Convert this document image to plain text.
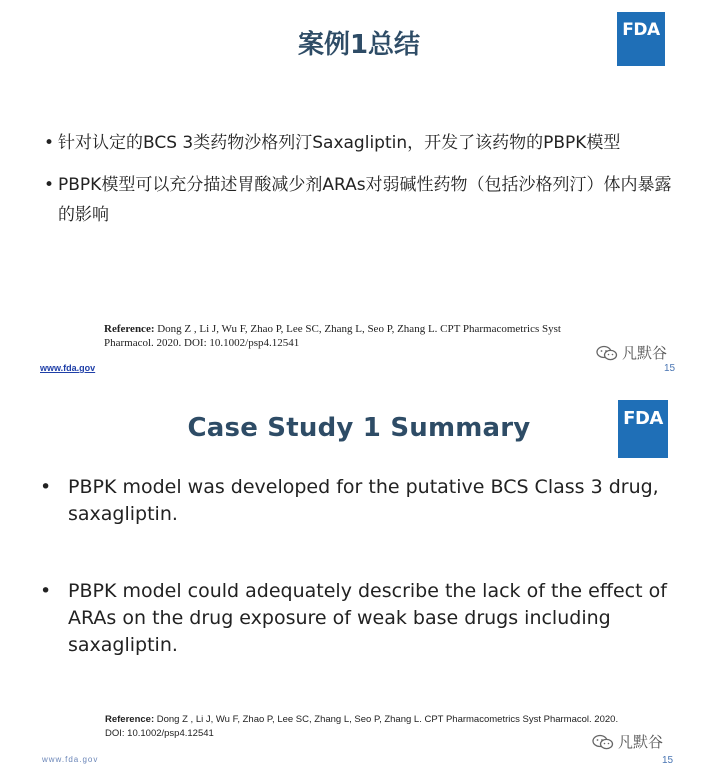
案例1总结	FDA
• 针对认定的BCS 3类药物沙格列汀Saxagliptin，开发了该药物的PBPK模型
• PBPK模型可以充分描述胃酸减少剂ARAs对弱碱性药物（包括沙格列汀）体内暴露的影响
Reference: Dong Z , Li J, Wu F, Zhao P, Lee SC, Zhang L, Seo P, Zhang L. CPT Pharmacometrics Syst Pharmacol. 2020. DOI: 10.1002/psp4.12541
凡默谷
www.fda.gov	15
Case Study 1 Summary	FDA
• PBPK model was developed for the putative BCS Class 3 drug, saxagliptin.
• PBPK model could adequately describe the lack of the effect of ARAs on the drug exposure of weak base drugs including saxagliptin.
Reference: Dong Z , Li J, Wu F, Zhao P, Lee SC, Zhang L, Seo P, Zhang L. CPT Pharmacometrics Syst Pharmacol. 2020. DOI: 10.1002/psp4.12541	凡默谷
www.fda.gov	15
